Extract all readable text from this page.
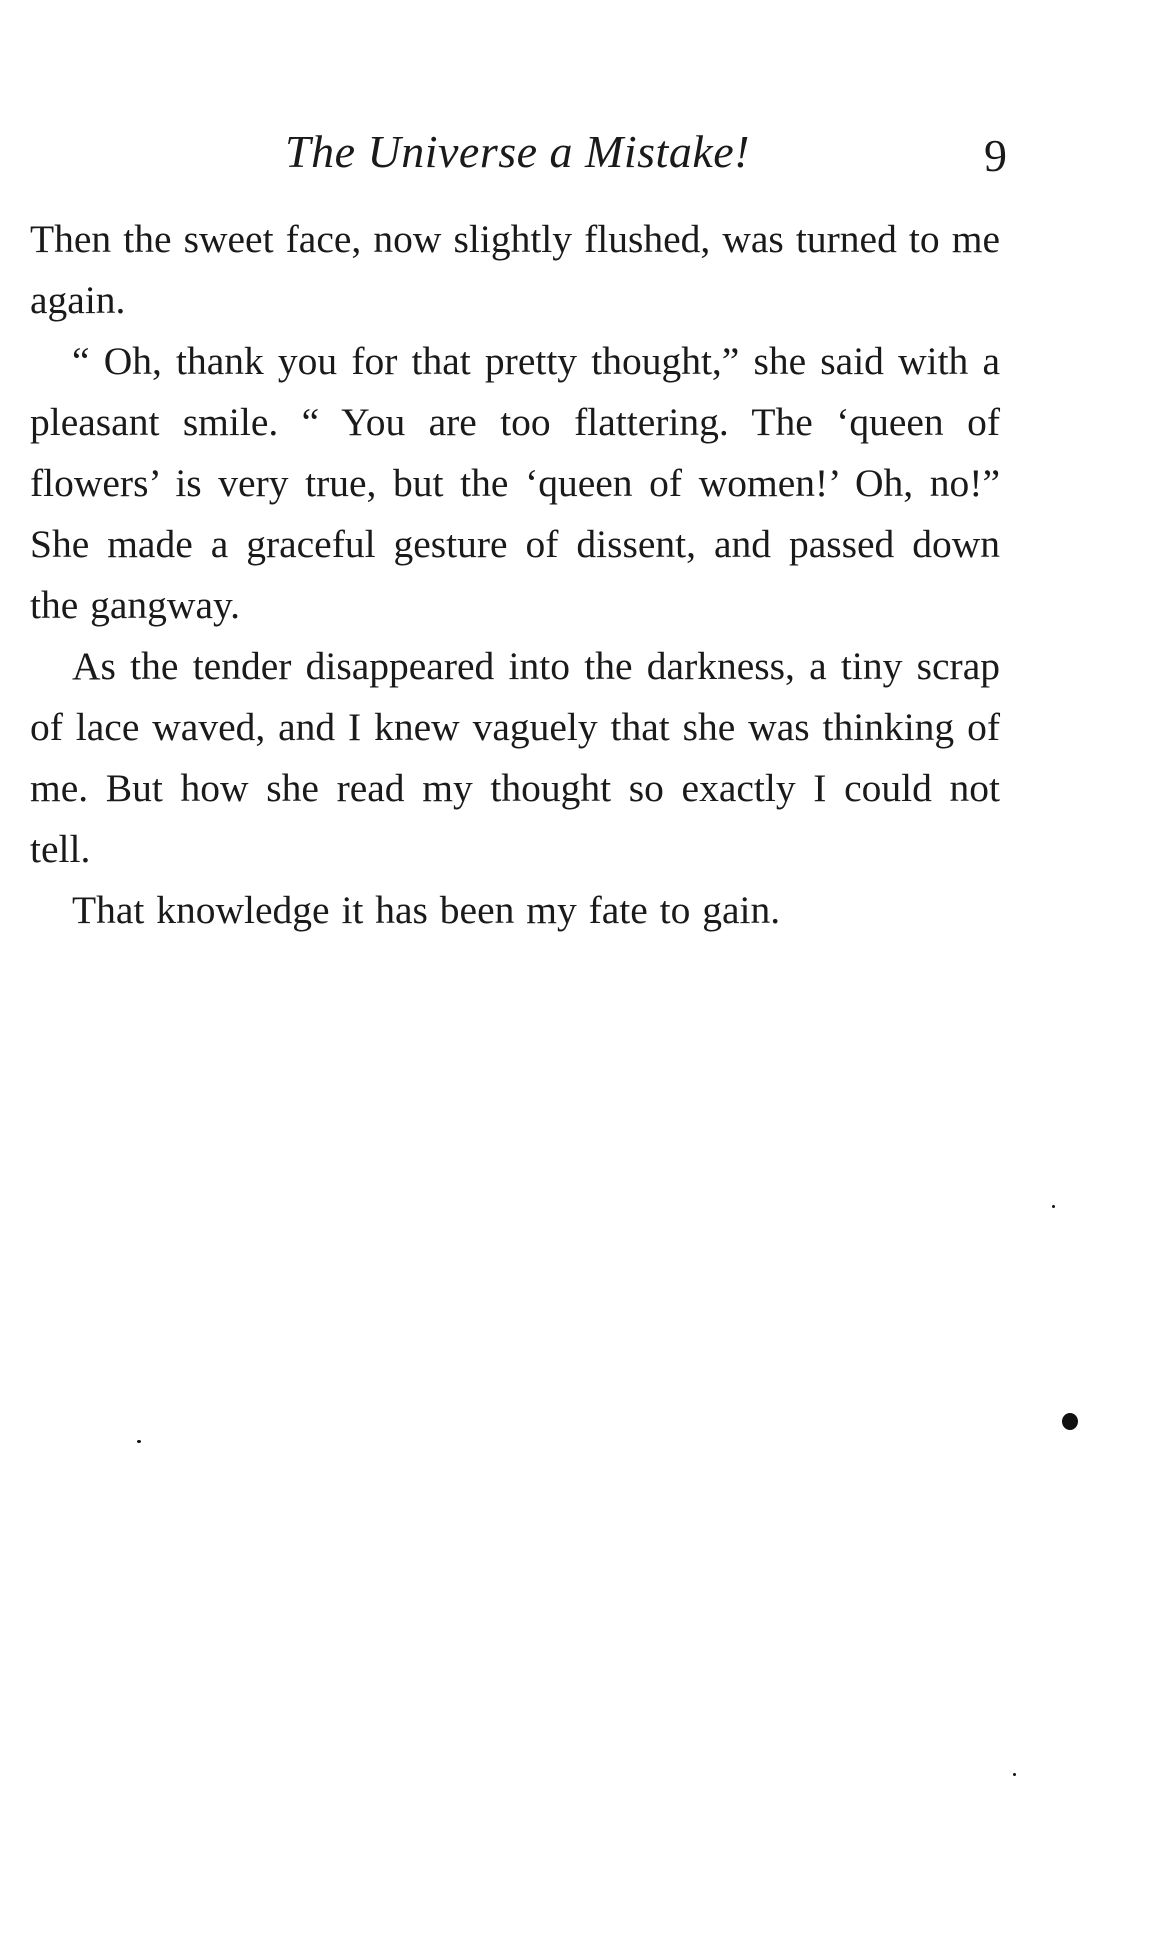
The Universe a Mistake!	9

Then the sweet face, now slightly flushed, was turned to me again.

“ Oh, thank you for that pretty thought,” she said with a pleasant smile. “ You are too flattering. The ‘queen of flowers’ is very true, but the ‘queen of women!’ Oh, no!” She made a graceful gesture of dissent, and passed down the gangway.

As the tender disappeared into the darkness, a tiny scrap of lace waved, and I knew vaguely that she was thinking of me. But how she read my thought so exactly I could not tell.

That knowledge it has been my fate to gain.
